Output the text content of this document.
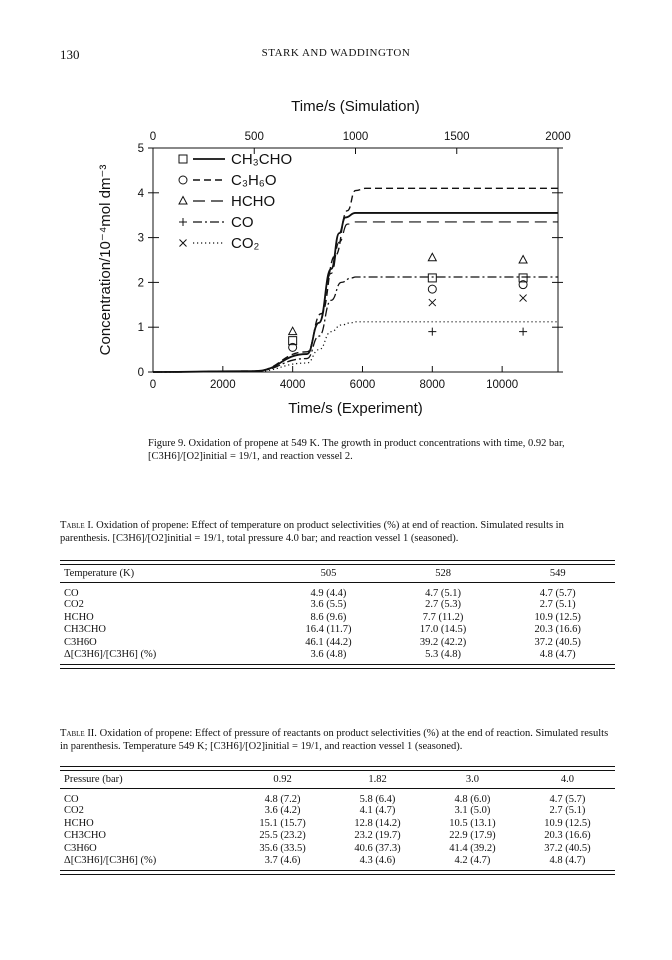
130	STARK AND WADDINGTON
0	500	1000	1500	2000
Time/s (Simulation)
0	2000	4000	6000	8000	10000
Time/s (Experiment)
0
1
2
3
4
5
Concentration/10⁻⁴mol dm⁻³
CH₃CHO
C₃H₆O
HCHO
CO
CO₂
Figure 9. Oxidation of propene at 549 K. The growth in product concentrations with time, 0.92 bar, [C3H6]/[O2]initial = 19/1, and reaction vessel 2.
Table I. Oxidation of propene: Effect of temperature on product selectivities (%) at end of reaction. Simulated results in parenthesis. [C3H6]/[O2]initial = 19/1, total pressure 4.0 bar; and reaction vessel 1 (seasoned).
Temperature (K)	505	528	549
CO	4.9 (4.4)	4.7 (5.1)	4.7 (5.7)
CO2	3.6 (5.5)	2.7 (5.3)	2.7 (5.1)
HCHO	8.6 (9.6)	7.7 (11.2)	10.9 (12.5)
CH3CHO	16.4 (11.7)	17.0 (14.5)	20.3 (16.6)
C3H6O	46.1 (44.2)	39.2 (42.2)	37.2 (40.5)
Δ[C3H6]/[C3H6] (%)	3.6 (4.8)	5.3 (4.8)	4.8 (4.7)
Table II. Oxidation of propene: Effect of pressure of reactants on product selectivities (%) at the end of reaction. Simulated results in parenthesis. Temperature 549 K; [C3H6]/[O2]initial = 19/1, and reaction vessel 1 (seasoned).
Pressure (bar)	0.92	1.82	3.0	4.0
CO	4.8 (7.2)	5.8 (6.4)	4.8 (6.0)	4.7 (5.7)
CO2	3.6 (4.2)	4.1 (4.7)	3.1 (5.0)	2.7 (5.1)
HCHO	15.1 (15.7)	12.8 (14.2)	10.5 (13.1)	10.9 (12.5)
CH3CHO	25.5 (23.2)	23.2 (19.7)	22.9 (17.9)	20.3 (16.6)
C3H6O	35.6 (33.5)	40.6 (37.3)	41.4 (39.2)	37.2 (40.5)
Δ[C3H6]/[C3H6] (%)	3.7 (4.6)	4.3 (4.6)	4.2 (4.7)	4.8 (4.7)
